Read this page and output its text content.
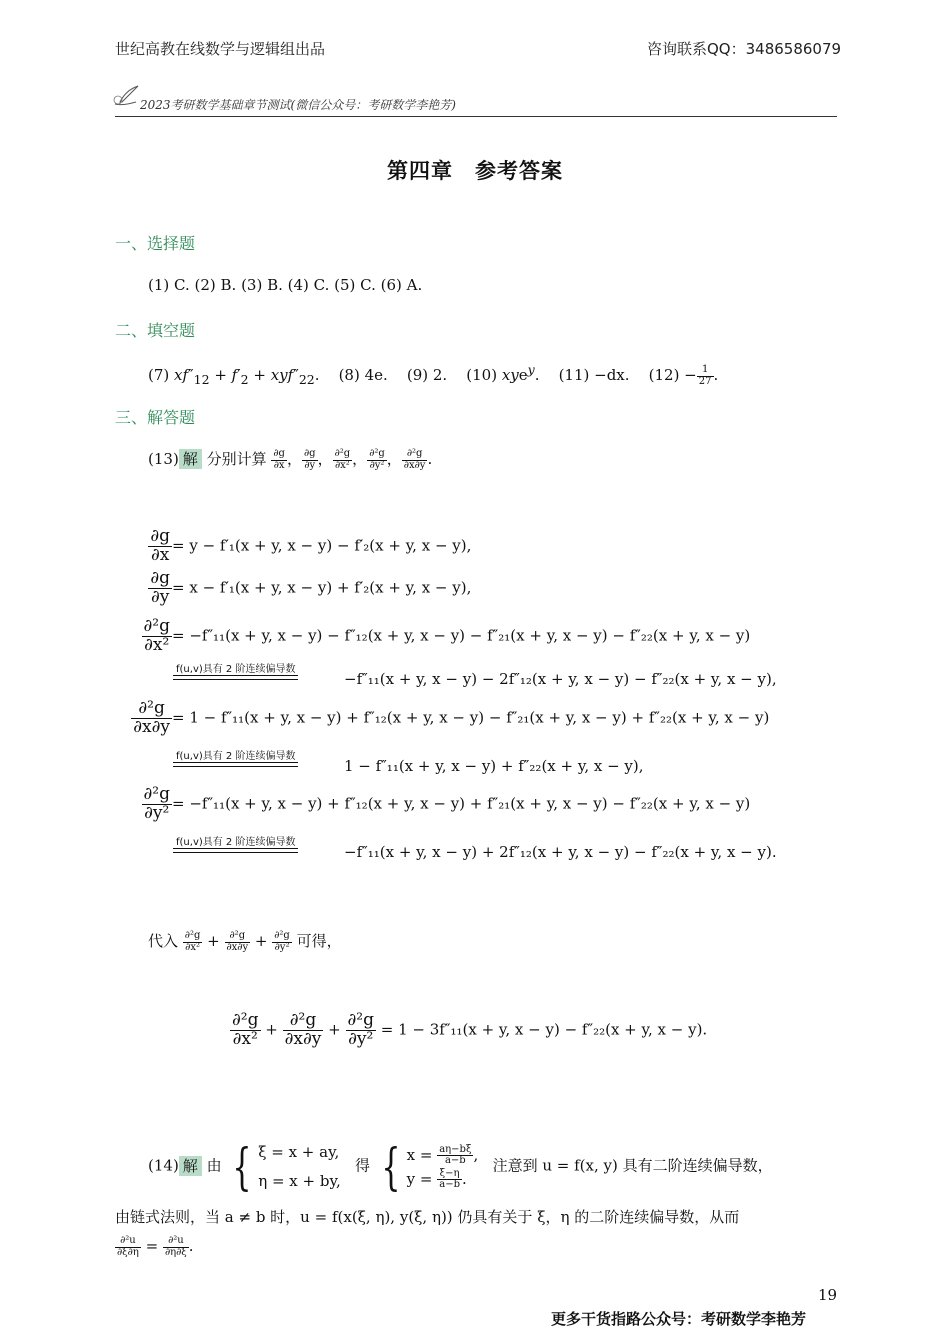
世纪高教在线数学与逻辑组出品	咨询联系QQ：3486586079
2023考研数学基础章节测试(微信公众号：考研数学李艳芳)
第四章　参考答案
一、选择题
(1) C. (2) B. (3) B. (4) C. (5) C. (6) A.
二、填空题
(7) $xf''_{12} + f'_2 + xyf''_{22}$.    (8) 4e. (9) 2. (10) xye$^y$.    (11) −dx. $(12) - \frac{1}{27}$ .
三、解答题
(13) 解 分别计算 $\frac{\partial g}{\partial x}$ ， $\frac{\partial g}{\partial y}$ ， $\frac{\text{∂²g}}{\text{∂x²}}$ ， $\frac{\text{∂²g}}{\text{∂y²}}$ ， $\frac{\text{∂²g}}{\partial x\partial y}$ .
$\frac{\partial g}{\partial x} = y - f'_1(x + y$, x − y) − f′₂(x + y, x − y),
$\frac{\partial g}{\partial y} = x - f'_1(x + y$, x − y) + f′₂(x + y, x − y),
$\frac{\text{∂²g}}{\text{∂x²}} = -f''_{11}(x + y$, x − y) − f″₁₂(x + y, x − y) − f″₂₁(x + y, x − y) − f″₂₂(x + y, x − y)
f(u,v)具有 2 阶连续偏导数
−f″₁₁(x + y, x − y) − 2f″₁₂(x + y, x − y) − f″₂₂(x + y, x − y),
$\frac{\text{∂²g}}{\partial x\partial y} = 1 - f''_{11}(x + y$, x − y) + f″₁₂(x + y, x − y) − f″₂₁(x + y, x − y) + f″₂₂(x + y, x − y)
f(u,v)具有 2 阶连续偏导数
1 − f″₁₁(x + y, x − y) + f″₂₂(x + y, x − y),
$\frac{\text{∂²g}}{\text{∂y²}} = -f''_{11}(x + y$, x − y) + f″₁₂(x + y, x − y) + f″₂₁(x + y, x − y) − f″₂₂(x + y, x − y)
f(u,v)具有 2 阶连续偏导数
−f″₁₁(x + y, x − y) + 2f″₁₂(x + y, x − y) − f″₂₂(x + y, x − y).
代入 $\frac{\text{∂²g}}{\text{∂x²}} + \frac{\text{∂²g}}{\partial x\partial y} + \frac{\text{∂²g}}{\text{∂y²}}$ 可得，
$\frac{\text{∂²g}}{\text{∂x²}} + \frac{\text{∂²g}}{\partial x\partial y} + \frac{\text{∂²g}}{\text{∂y²}} = 1 - 3f''_{11}(x + y$, x − y) − f″₂₂(x + y, x − y).
(14) 解 由 { ξ = x + ay,
η = x + by,
得 { $x = \frac{a\eta-b\xi}{a-b}$ ,
$y = \frac{\xi-\eta}{a-b}$ .
注意到 u = f(x, y) 具有二阶连续偏导数，
由链式法则，当 a ≠ b 时，u = f(x(ξ, η), y(ξ, η)) 仍具有关于 ξ，η 的二阶连续偏导数，从而
$\frac{\text{∂²u}}{\partial\xi\partial\eta} = \frac{\text{∂²u}}{\partial\eta\partial\xi}$ .
19
更多干货指路公众号：考研数学李艳芳
